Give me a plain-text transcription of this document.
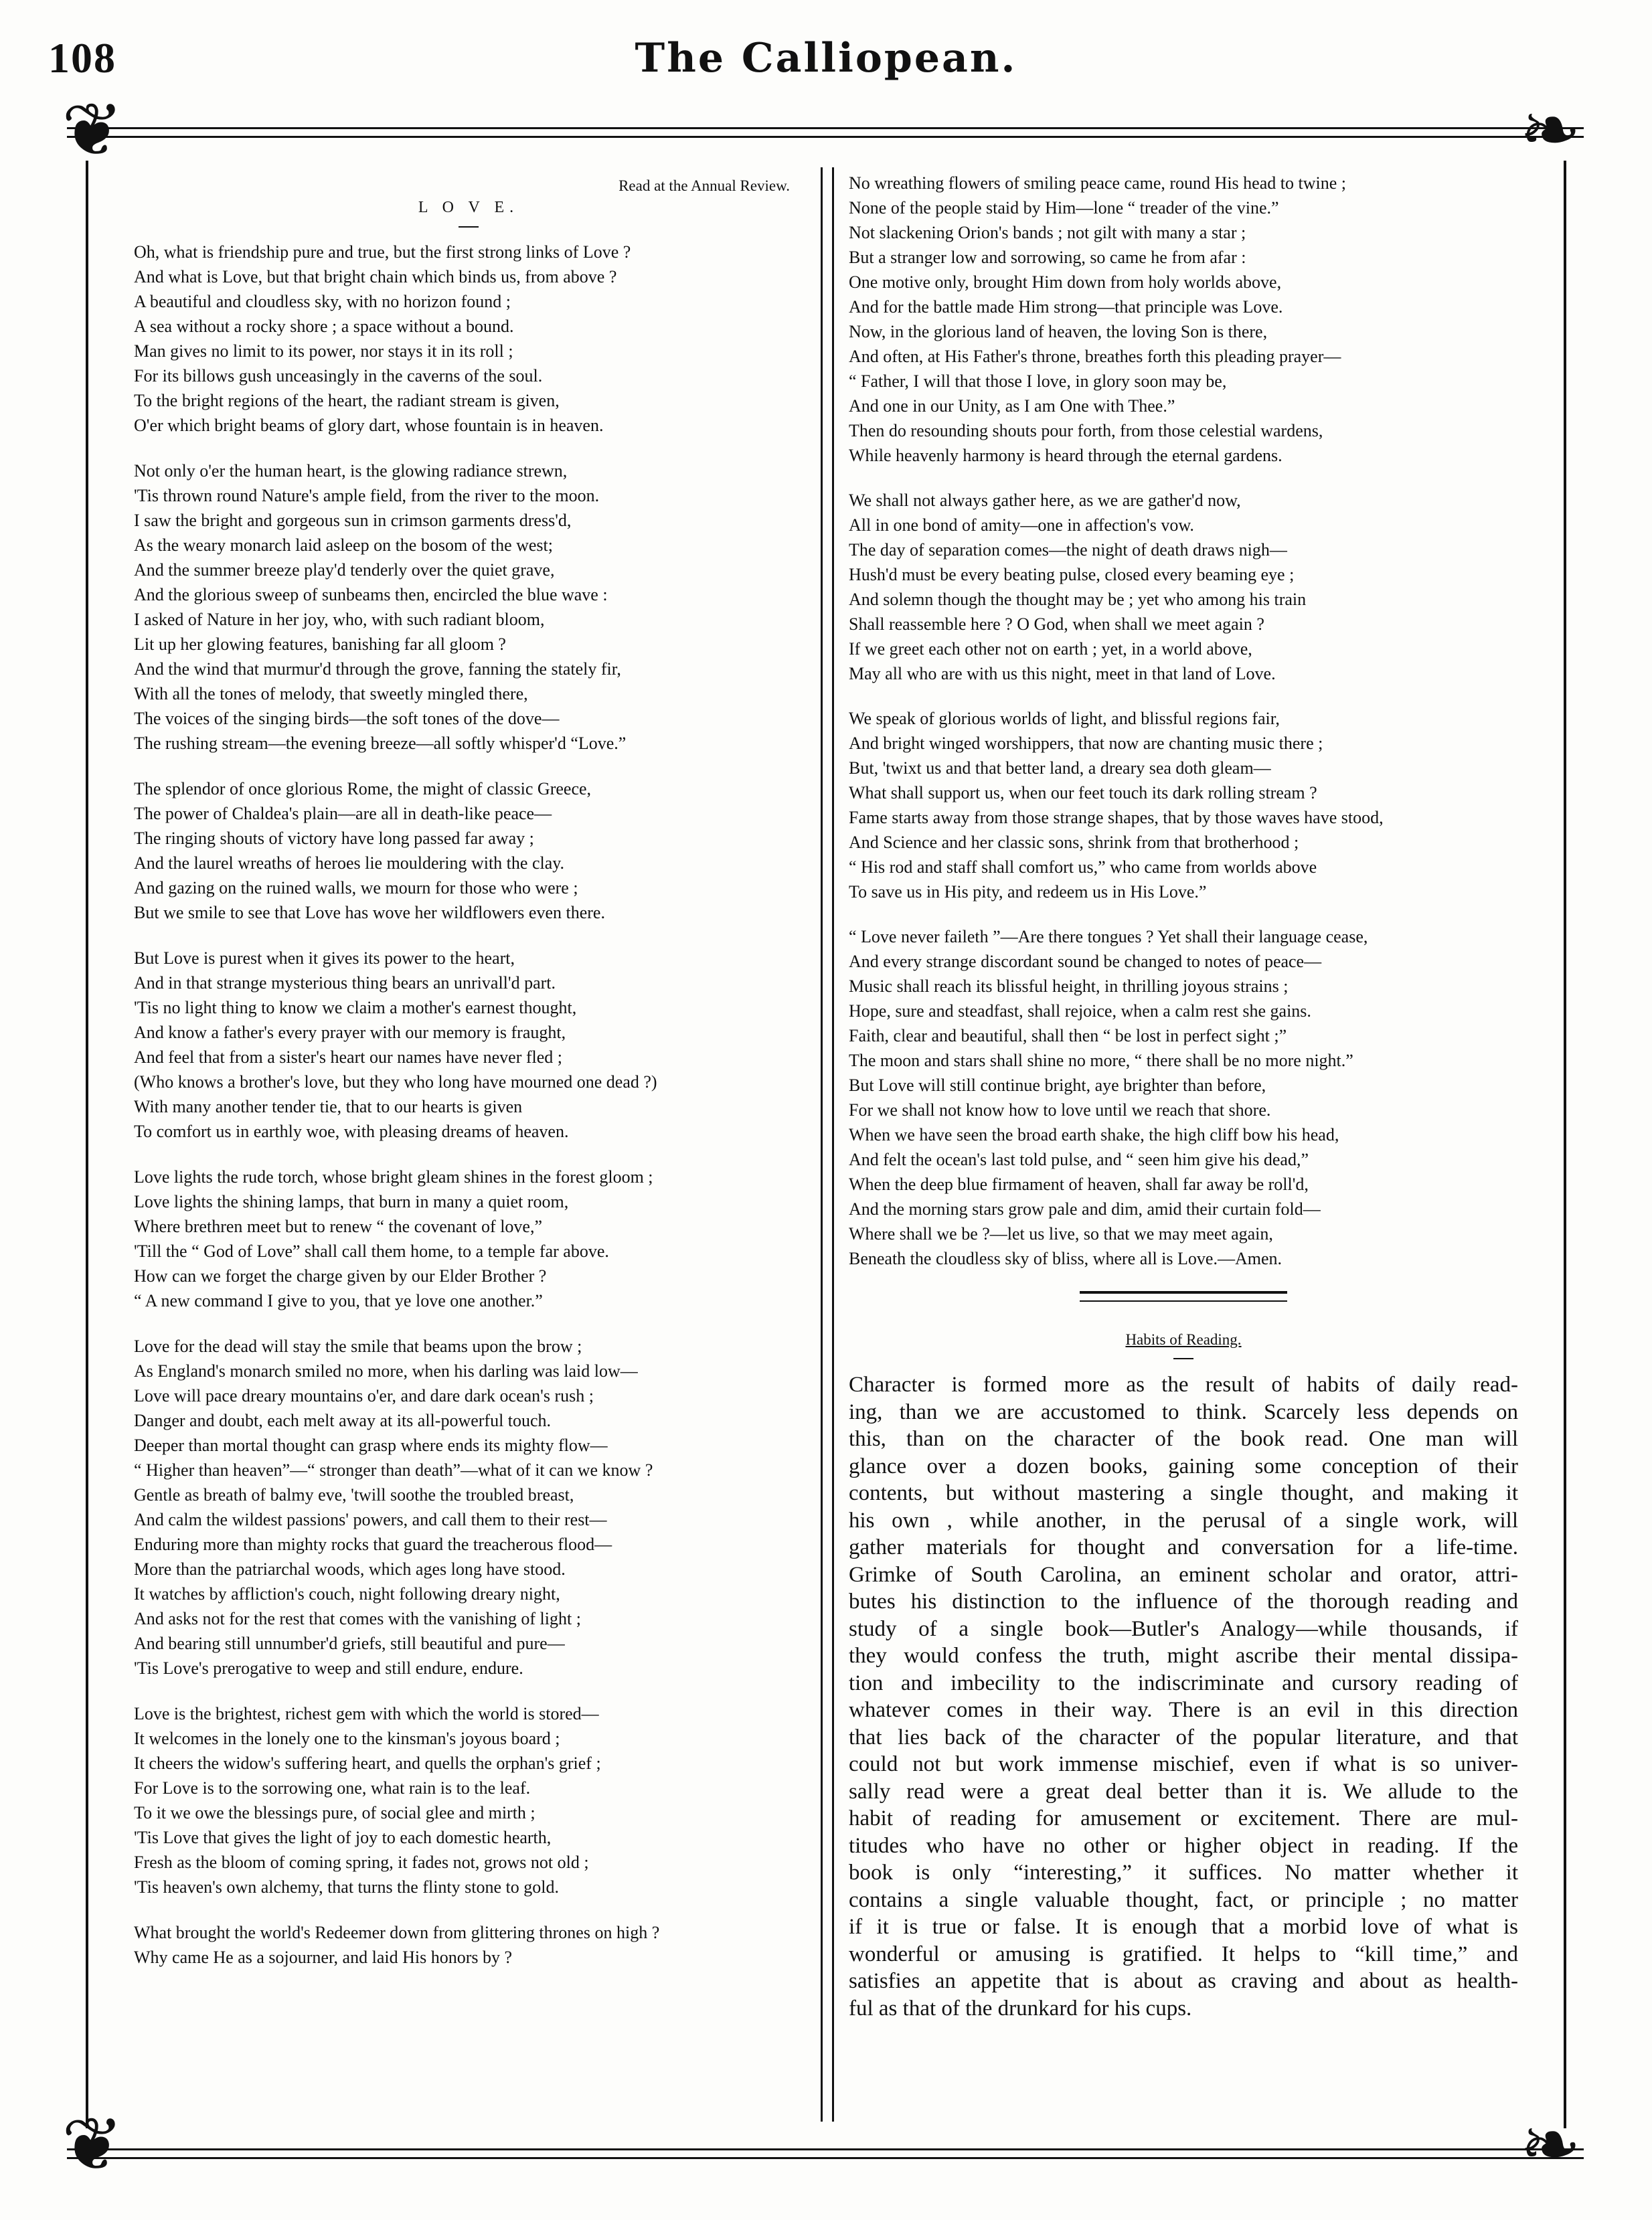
108	The Calliopean.
❦	❧
❦	❧
Read at the Annual Review.
L O V E.
Oh, what is friendship pure and true, but the first strong links of Love ?
And what is Love, but that bright chain which binds us, from above ?
A beautiful and cloudless sky, with no horizon found ;
A sea without a rocky shore ; a space without a bound.
Man gives no limit to its power, nor stays it in its roll ;
For its billows gush unceasingly in the caverns of the soul.
To the bright regions of the heart, the radiant stream is given,
O'er which bright beams of glory dart, whose fountain is in heaven.
Not only o'er the human heart, is the glowing radiance strewn,
'Tis thrown round Nature's ample field, from the river to the moon.
I saw the bright and gorgeous sun in crimson garments dress'd,
As the weary monarch laid asleep on the bosom of the west;
And the summer breeze play'd tenderly over the quiet grave,
And the glorious sweep of sunbeams then, encircled the blue wave :
I asked of Nature in her joy, who, with such radiant bloom,
Lit up her glowing features, banishing far all gloom ?
And the wind that murmur'd through the grove, fanning the stately fir,
With all the tones of melody, that sweetly mingled there,
The voices of the singing birds—the soft tones of the dove—
The rushing stream—the evening breeze—all softly whisper'd “Love.”
The splendor of once glorious Rome, the might of classic Greece,
The power of Chaldea's plain—are all in death-like peace—
The ringing shouts of victory have long passed far away ;
And the laurel wreaths of heroes lie mouldering with the clay.
And gazing on the ruined walls, we mourn for those who were ;
But we smile to see that Love has wove her wildflowers even there.
But Love is purest when it gives its power to the heart,
And in that strange mysterious thing bears an unrivall'd part.
'Tis no light thing to know we claim a mother's earnest thought,
And know a father's every prayer with our memory is fraught,
And feel that from a sister's heart our names have never fled ;
(Who knows a brother's love, but they who long have mourned one dead ?)
With many another tender tie, that to our hearts is given
To comfort us in earthly woe, with pleasing dreams of heaven.
Love lights the rude torch, whose bright gleam shines in the forest gloom ;
Love lights the shining lamps, that burn in many a quiet room,
Where brethren meet but to renew “ the covenant of love,”
'Till the “ God of Love” shall call them home, to a temple far above.
How can we forget the charge given by our Elder Brother ?
“ A new command I give to you, that ye love one another.”
Love for the dead will stay the smile that beams upon the brow ;
As England's monarch smiled no more, when his darling was laid low—
Love will pace dreary mountains o'er, and dare dark ocean's rush ;
Danger and doubt, each melt away at its all-powerful touch.
Deeper than mortal thought can grasp where ends its mighty flow—
“ Higher than heaven”—“ stronger than death”—what of it can we know ?
Gentle as breath of balmy eve, 'twill soothe the troubled breast,
And calm the wildest passions' powers, and call them to their rest—
Enduring more than mighty rocks that guard the treacherous flood—
More than the patriarchal woods, which ages long have stood.
It watches by affliction's couch, night following dreary night,
And asks not for the rest that comes with the vanishing of light ;
And bearing still unnumber'd griefs, still beautiful and pure—
'Tis Love's prerogative to weep and still endure, endure.
Love is the brightest, richest gem with which the world is stored—
It welcomes in the lonely one to the kinsman's joyous board ;
It cheers the widow's suffering heart, and quells the orphan's grief ;
For Love is to the sorrowing one, what rain is to the leaf.
To it we owe the blessings pure, of social glee and mirth ;
'Tis Love that gives the light of joy to each domestic hearth,
Fresh as the bloom of coming spring, it fades not, grows not old ;
'Tis heaven's own alchemy, that turns the flinty stone to gold.
What brought the world's Redeemer down from glittering thrones on high ?
Why came He as a sojourner, and laid His honors by ?
No wreathing flowers of smiling peace came, round His head to twine ;
None of the people staid by Him—lone “ treader of the vine.”
Not slackening Orion's bands ; not gilt with many a star ;
But a stranger low and sorrowing, so came he from afar :
One motive only, brought Him down from holy worlds above,
And for the battle made Him strong—that principle was Love.
Now, in the glorious land of heaven, the loving Son is there,
And often, at His Father's throne, breathes forth this pleading prayer—
“ Father, I will that those I love, in glory soon may be,
And one in our Unity, as I am One with Thee.”
Then do resounding shouts pour forth, from those celestial wardens,
While heavenly harmony is heard through the eternal gardens.
We shall not always gather here, as we are gather'd now,
All in one bond of amity—one in affection's vow.
The day of separation comes—the night of death draws nigh—
Hush'd must be every beating pulse, closed every beaming eye ;
And solemn though the thought may be ; yet who among his train
Shall reassemble here ? O God, when shall we meet again ?
If we greet each other not on earth ; yet, in a world above,
May all who are with us this night, meet in that land of Love.
We speak of glorious worlds of light, and blissful regions fair,
And bright winged worshippers, that now are chanting music there ;
But, 'twixt us and that better land, a dreary sea doth gleam—
What shall support us, when our feet touch its dark rolling stream ?
Fame starts away from those strange shapes, that by those waves have stood,
And Science and her classic sons, shrink from that brotherhood ;
“ His rod and staff shall comfort us,” who came from worlds above
To save us in His pity, and redeem us in His Love.”
“ Love never faileth ”—Are there tongues ? Yet shall their language cease,
And every strange discordant sound be changed to notes of peace—
Music shall reach its blissful height, in thrilling joyous strains ;
Hope, sure and steadfast, shall rejoice, when a calm rest she gains.
Faith, clear and beautiful, shall then “ be lost in perfect sight ;”
The moon and stars shall shine no more, “ there shall be no more night.”
But Love will still continue bright, aye brighter than before,
For we shall not know how to love until we reach that shore.
When we have seen the broad earth shake, the high cliff bow his head,
And felt the ocean's last told pulse, and “ seen him give his dead,”
When the deep blue firmament of heaven, shall far away be roll'd,
And the morning stars grow pale and dim, amid their curtain fold—
Where shall we be ?—let us live, so that we may meet again,
Beneath the cloudless sky of bliss, where all is Love.—Amen.
Habits of Reading.
Character is formed more as the result of habits of daily read-
ing, than we are accustomed to think. Scarcely less depends on
this, than on the character of the book read. One man will
glance over a dozen books, gaining some conception of their
contents, but without mastering a single thought, and making it
his own , while another, in the perusal of a single work, will
gather materials for thought and conversation for a life-time.
Grimke of South Carolina, an eminent scholar and orator, attri-
butes his distinction to the influence of the thorough reading and
study of a single book—Butler's Analogy—while thousands, if
they would confess the truth, might ascribe their mental dissipa-
tion and imbecility to the indiscriminate and cursory reading of
whatever comes in their way. There is an evil in this direction
that lies back of the character of the popular literature, and that
could not but work immense mischief, even if what is so univer-
sally read were a great deal better than it is. We allude to the
habit of reading for amusement or excitement. There are mul-
titudes who have no other or higher object in reading. If the
book is only “interesting,” it suffices. No matter whether it
contains a single valuable thought, fact, or principle ; no matter
if it is true or false. It is enough that a morbid love of what is
wonderful or amusing is gratified. It helps to “kill time,” and
satisfies an appetite that is about as craving and about as health-
ful as that of the drunkard for his cups.
